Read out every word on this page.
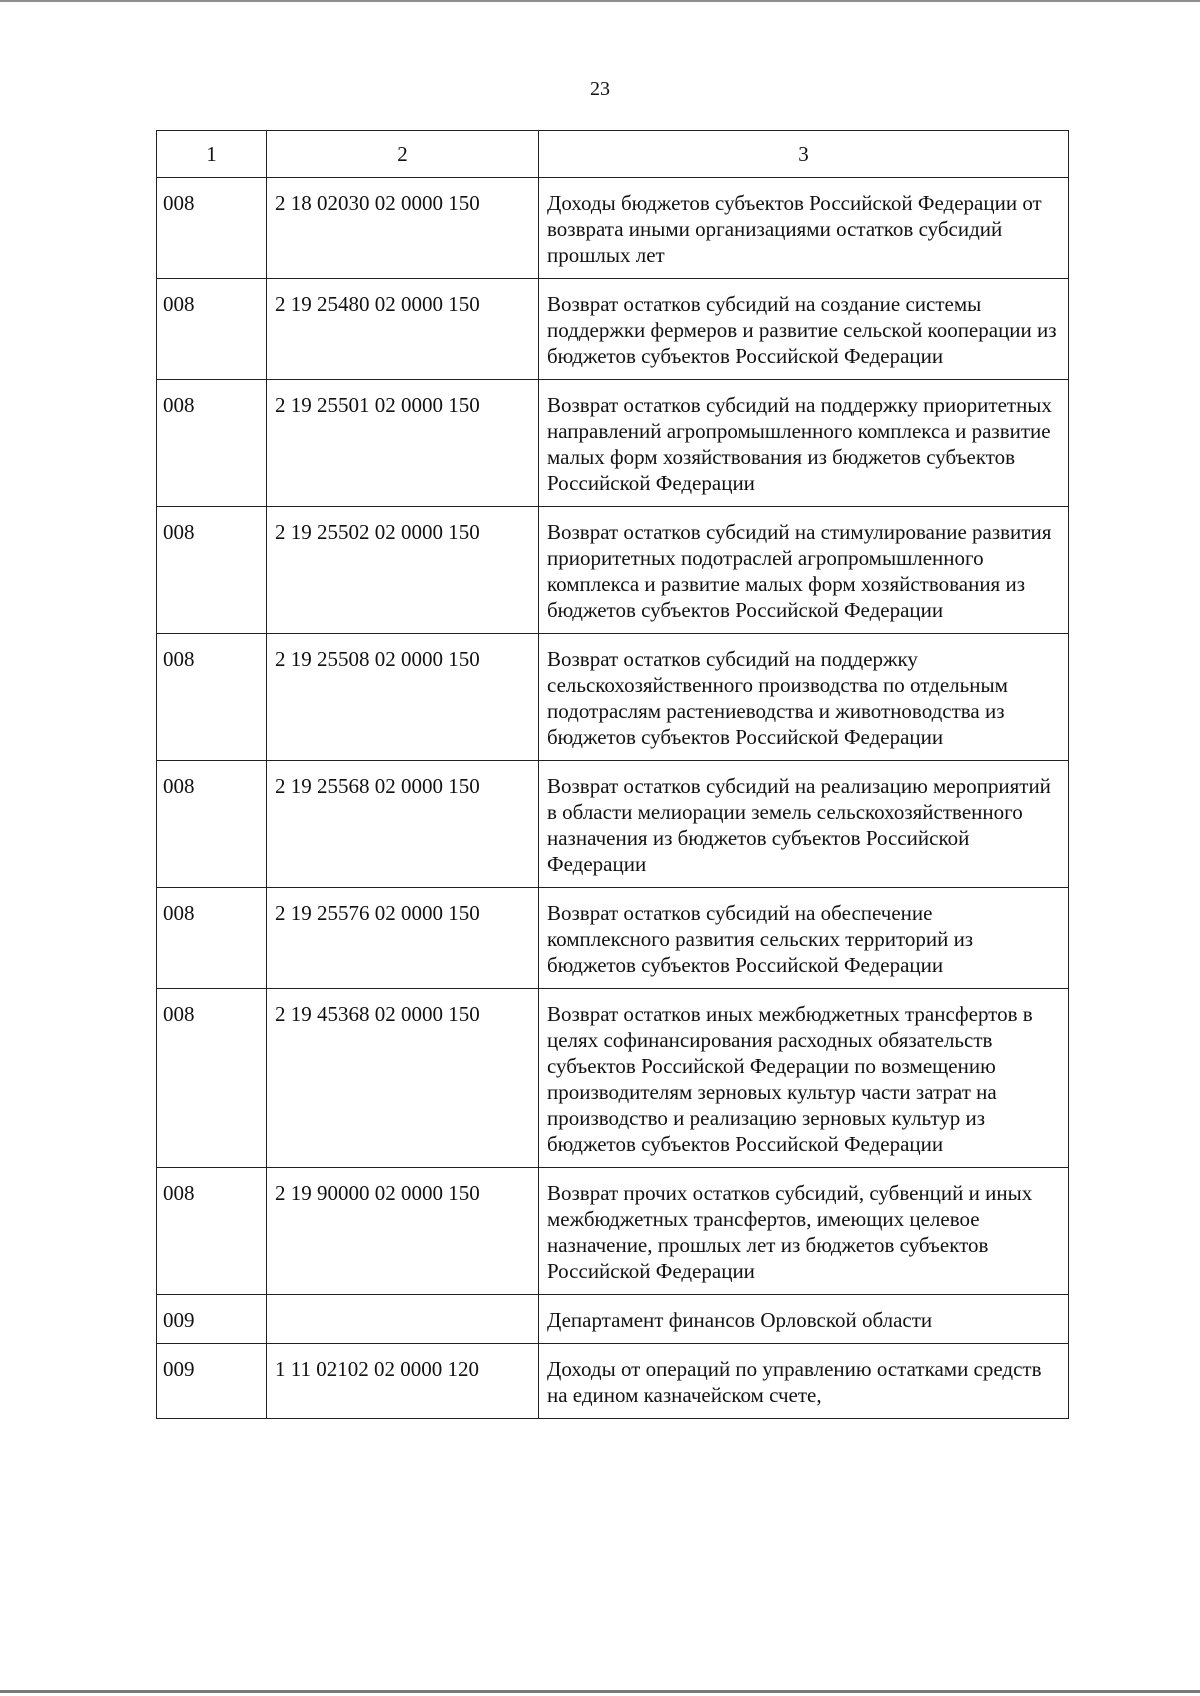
23
1	2	3
008	2 18 02030 02 0000 150	Доходы бюджетов субъектов Российской Федерации от возврата иными организациями остатков субсидий прошлых лет
008	2 19 25480 02 0000 150	Возврат остатков субсидий на создание системы поддержки фермеров и развитие сельской кооперации из бюджетов субъектов Российской Федерации
008	2 19 25501 02 0000 150	Возврат остатков субсидий на поддержку приоритетных направлений агропромышленного комплекса и развитие малых форм хозяйствования из бюджетов субъектов Российской Федерации
008	2 19 25502 02 0000 150	Возврат остатков субсидий на стимулирование развития приоритетных подотраслей агропромышленного комплекса и развитие малых форм хозяйствования из бюджетов субъектов Российской Федерации
008	2 19 25508 02 0000 150	Возврат остатков субсидий на поддержку сельскохозяйственного производства по отдельным подотраслям растениеводства и животноводства из бюджетов субъектов Российской Федерации
008	2 19 25568 02 0000 150	Возврат остатков субсидий на реализацию мероприятий в области мелиорации земель сельскохозяйственного назначения из бюджетов субъектов Российской Федерации
008	2 19 25576 02 0000 150	Возврат остатков субсидий на обеспечение комплексного развития сельских территорий из бюджетов субъектов Российской Федерации
008	2 19 45368 02 0000 150	Возврат остатков иных межбюджетных трансфертов в целях софинансирования расходных обязательств субъектов Российской Федерации по возмещению производителям зерновых культур части затрат на производство и реализацию зерновых культур из бюджетов субъектов Российской Федерации
008	2 19 90000 02 0000 150	Возврат прочих остатков субсидий, субвенций и иных межбюджетных трансфертов, имеющих целевое назначение, прошлых лет из бюджетов субъектов Российской Федерации
009		Департамент финансов Орловской области
009	1 11 02102 02 0000 120	Доходы от операций по управлению остатками средств на едином казначейском счете,
